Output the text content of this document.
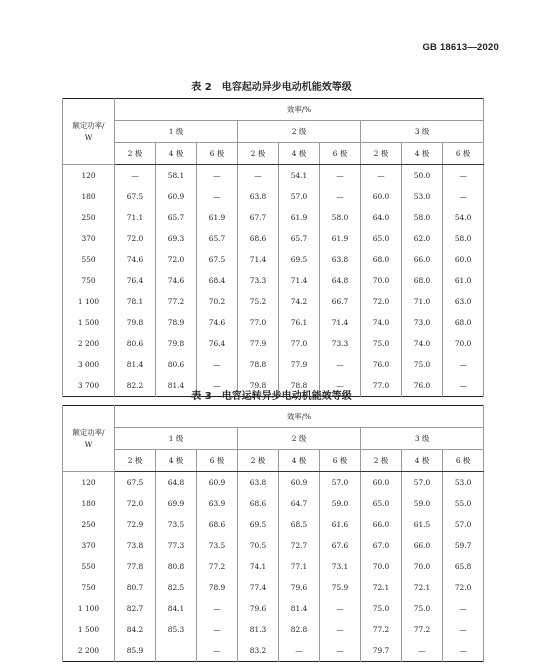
GB 18613—2020
表 2 电容起动异步电动机能效等级
额定功率/
W	效率/%								
	1 级			2 级			3 级		
	2 极	4 极	6 极	2 极	4 极	6 极	2 极	4 极	6 极
120	—	58.1	—	—	54.1	—	—	50.0	—
180	67.5	60.9	—	63.8	57.0	—	60.0	53.0	—
250	71.1	65.7	61.9	67.7	61.9	58.0	64.0	58.0	54.0
370	72.0	69.3	65.7	68.6	65.7	61.9	65.0	62.0	58.0
550	74.6	72.0	67.5	71.4	69.5	63.8	68.0	66.0	60.0
750	76.4	74.6	68.4	73.3	71.4	64.8	70.0	68.0	61.0
1 100	78.1	77.2	70.2	75.2	74.2	66.7	72.0	71.0	63.0
1 500	79.8	78.9	74.6	77.0	76.1	71.4	74.0	73.0	68.0
2 200	80.6	79.8	76.4	77.9	77.0	73.3	75.0	74.0	70.0
3 000	81.4	80.6	—	78.8	77.9	—	76.0	75.0	—
3 700	82.2	81.4	—	79.8	78.8	—	77.0	76.0	—
表 3 电容运转异步电动机能效等级
额定功率/
W	效率/%								
	1 级			2 级			3 级		
	2 极	4 极	6 极	2 极	4 极	6 极	2 极	4 极	6 极
120	67.5	64.8	60.9	63.8	60.9	57.0	60.0	57.0	53.0
180	72.0	69.9	63.9	68.6	64.7	59.0	65.0	59.0	55.0
250	72.9	73.5	68.6	69.5	68.5	61.6	66.0	61.5	57.0
370	73.8	77.3	73.5	70.5	72.7	67.6	67.0	66.0	59.7
550	77.8	80.8	77.2	74.1	77.1	73.1	70.0	70.0	65.8
750	80.7	82.5	78.9	77.4	79.6	75.9	72.1	72.1	72.0
1 100	82.7	84.1	—	79.6	81.4	—	75.0	75.0	—
1 500	84.2	85.3	—	81.3	82.8	—	77.2	77.2	—
2 200	85.9		—	83.2	—	—	79.7	—	—
